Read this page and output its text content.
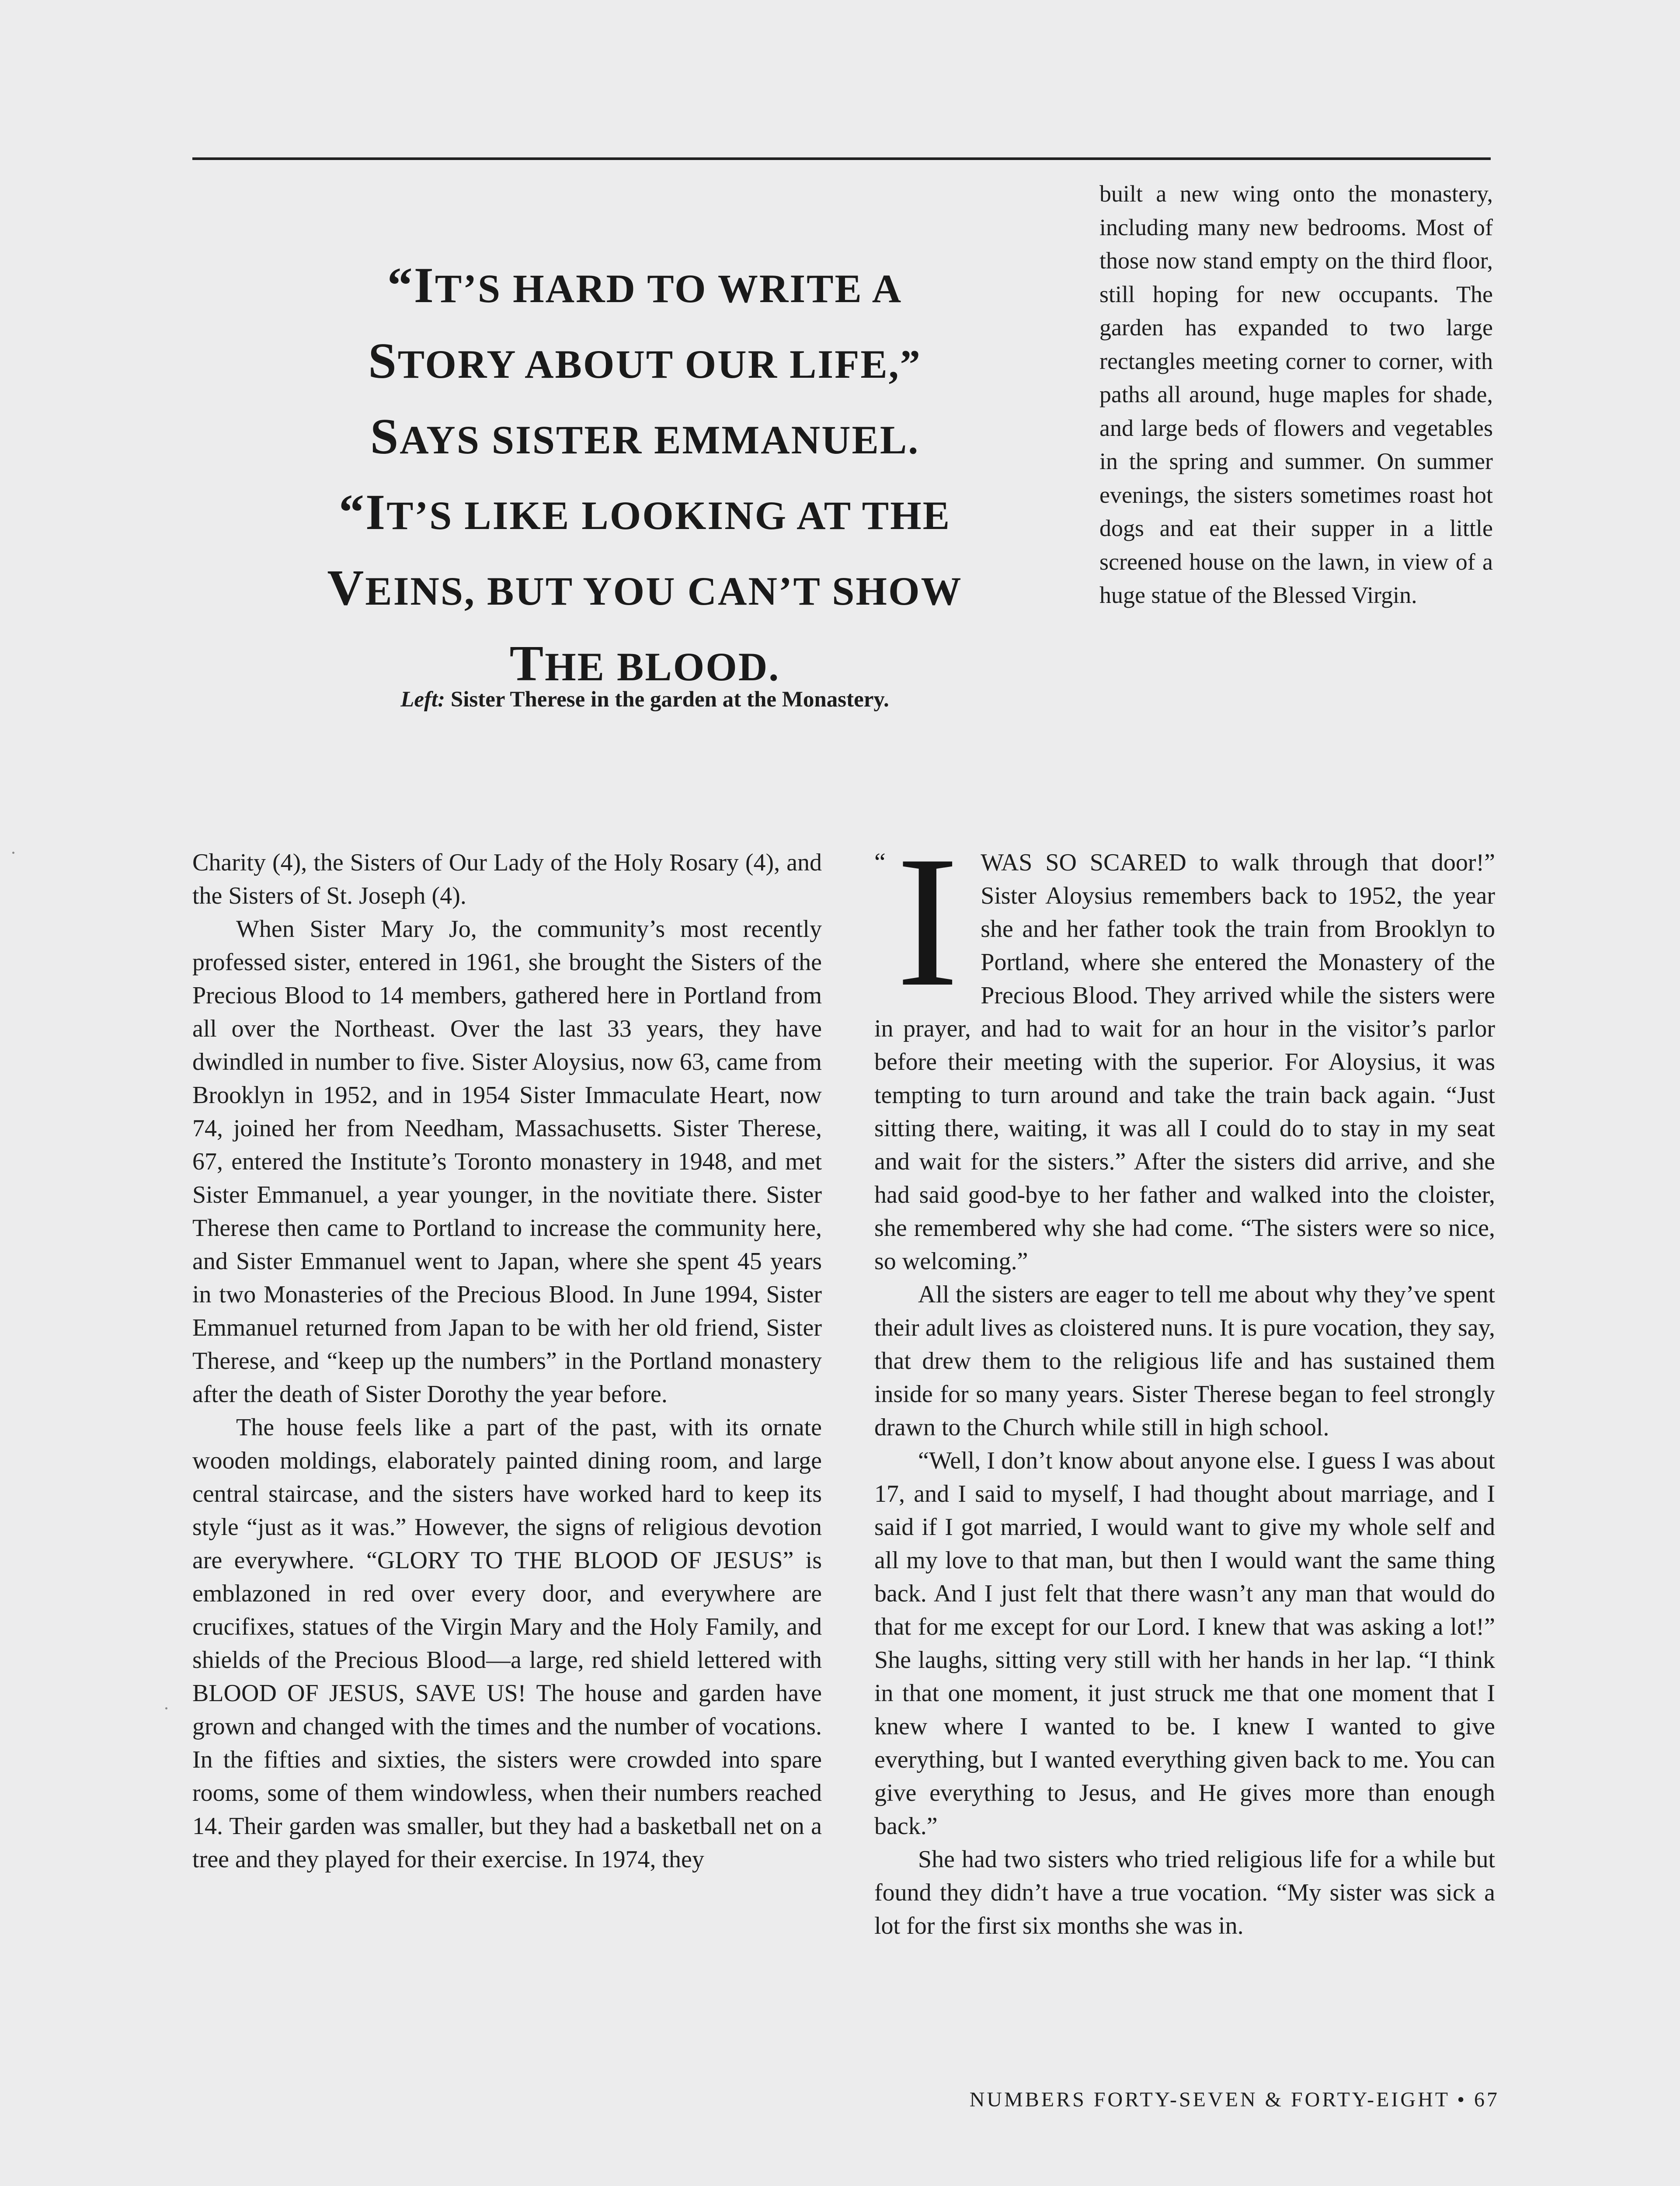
“IT’S HARD TO WRITE A
STORY ABOUT OUR LIFE,”
SAYS SISTER EMMANUEL.
“IT’S LIKE LOOKING AT THE
VEINS, BUT YOU CAN’T SHOW
THE BLOOD.
Left: Sister Therese in the garden at the Monastery.

built a new wing onto the monastery, including many new bedrooms. Most of those now stand empty on the third floor, still hoping for new occupants. The garden has expanded to two large rectangles meeting corner to corner, with paths all around, huge maples for shade, and large beds of flowers and vegetables in the spring and summer. On summer evenings, the sisters sometimes roast hot dogs and eat their supper in a little screened house on the lawn, in view of a huge statue of the Blessed Virgin.

Charity (4), the Sisters of Our Lady of the Holy Rosary (4), and the Sisters of St. Joseph (4).

When Sister Mary Jo, the community’s most recently professed sister, entered in 1961, she brought the Sisters of the Precious Blood to 14 members, gathered here in Portland from all over the Northeast. Over the last 33 years, they have dwindled in number to five. Sister Aloysius, now 63, came from Brooklyn in 1952, and in 1954 Sister Immaculate Heart, now 74, joined her from Needham, Massachusetts. Sister Therese, 67, entered the Institute’s Toronto monastery in 1948, and met Sister Emmanuel, a year younger, in the novitiate there. Sister Therese then came to Portland to increase the community here, and Sister Emmanuel went to Japan, where she spent 45 years in two Monasteries of the Precious Blood. In June 1994, Sister Emmanuel returned from Japan to be with her old friend, Sister Therese, and “keep up the numbers” in the Portland monastery after the death of Sister Dorothy the year before.

The house feels like a part of the past, with its ornate wooden moldings, elaborately painted dining room, and large central staircase, and the sisters have worked hard to keep its style “just as it was.” However, the signs of religious devotion are everywhere. “GLORY TO THE BLOOD OF JESUS” is emblazoned in red over every door, and everywhere are crucifixes, statues of the Virgin Mary and the Holy Family, and shields of the Precious Blood—a large, red shield lettered with BLOOD OF JESUS, SAVE US! The house and garden have grown and changed with the times and the number of vocations. In the fifties and sixties, the sisters were crowded into spare rooms, some of them windowless, when their numbers reached 14. Their garden was smaller, but they had a basketball net on a tree and they played for their exercise. In 1974, they

“ I WAS SO SCARED to walk through that door!” Sister Aloysius remembers back to 1952, the year she and her father took the train from Brooklyn to Portland, where she entered the Monastery of the Precious Blood. They arrived while the sisters were in prayer, and had to wait for an hour in the visitor’s parlor before their meeting with the superior. For Aloysius, it was tempting to turn around and take the train back again. “Just sitting there, waiting, it was all I could do to stay in my seat and wait for the sisters.” After the sisters did arrive, and she had said good-bye to her father and walked into the cloister, she remembered why she had come. “The sisters were so nice, so welcoming.”

All the sisters are eager to tell me about why they’ve spent their adult lives as cloistered nuns. It is pure vocation, they say, that drew them to the religious life and has sustained them inside for so many years. Sister Therese began to feel strongly drawn to the Church while still in high school.

“Well, I don’t know about anyone else. I guess I was about 17, and I said to myself, I had thought about marriage, and I said if I got married, I would want to give my whole self and all my love to that man, but then I would want the same thing back. And I just felt that there wasn’t any man that would do that for me except for our Lord. I knew that was asking a lot!” She laughs, sitting very still with her hands in her lap. “I think in that one moment, it just struck me that one moment that I knew where I wanted to be. I knew I wanted to give everything, but I wanted everything given back to me. You can give everything to Jesus, and He gives more than enough back.”

She had two sisters who tried religious life for a while but found they didn’t have a true vocation. “My sister was sick a lot for the first six months she was in.

NUMBERS FORTY-SEVEN & FORTY-EIGHT • 67
